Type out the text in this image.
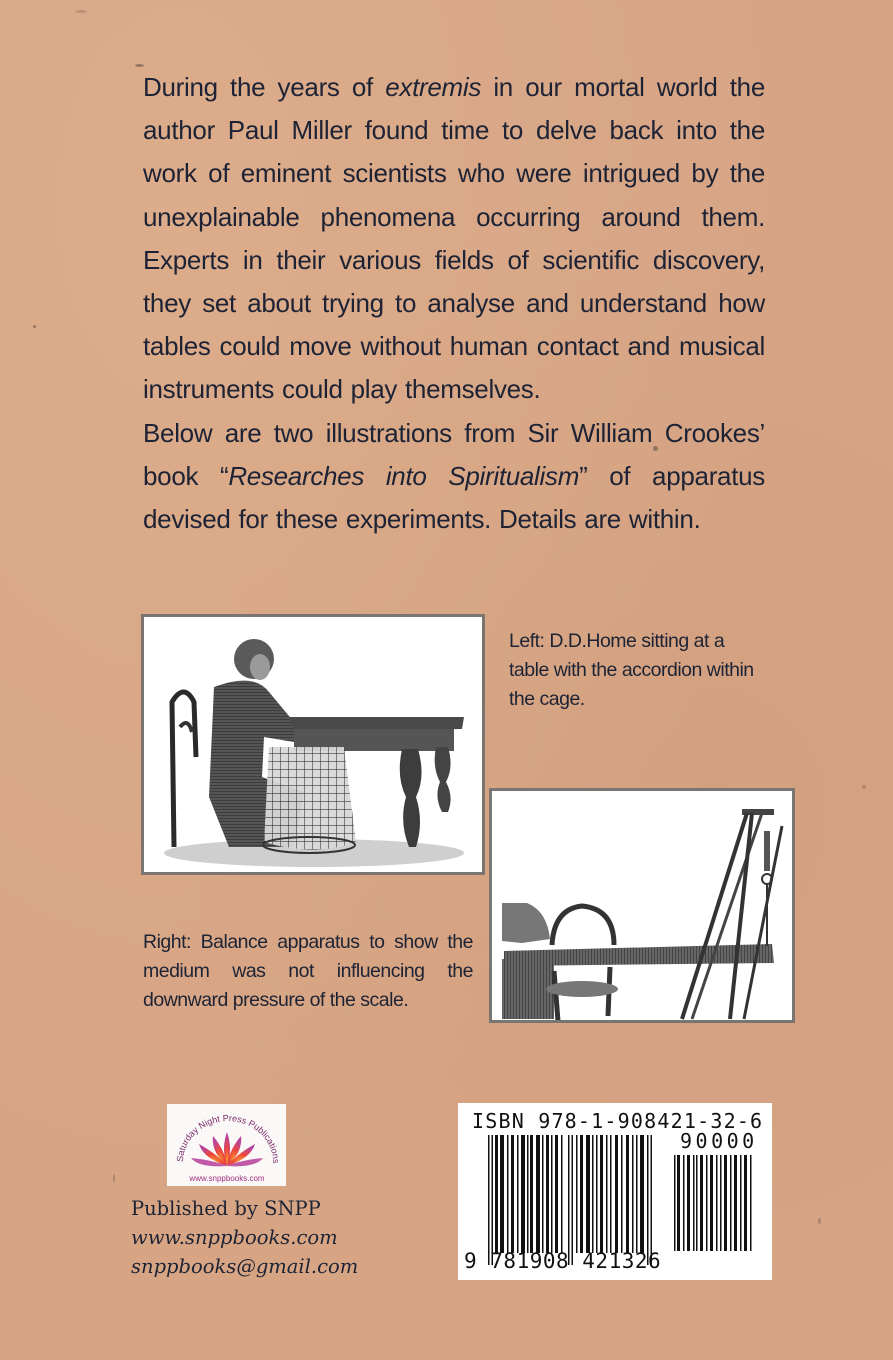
During the years of extremis in our mortal world the author Paul Miller found time to delve back into the work of eminent scientists who were intrigued by the unexplainable phenomena occurring around them. Experts in their various fields of scientific discovery, they set about trying to analyse and understand how tables could move without human contact and musical instruments could play themselves.

Below are two illustrations from Sir William Crookes’ book “Researches into Spiritualism” of apparatus devised for these experiments. Details are within.

Left: D.D.Home sitting at a table with the accordion within the cage.
Right: Balance apparatus to show the medium was not influencing the downward pressure of the scale.
Saturday Night Press Publications
www.snppbooks.com
Published by SNPP
www.snppbooks.com
snppbooks@gmail.com
ISBN 978-1-908421-32-6
90000
9 781908 421326
